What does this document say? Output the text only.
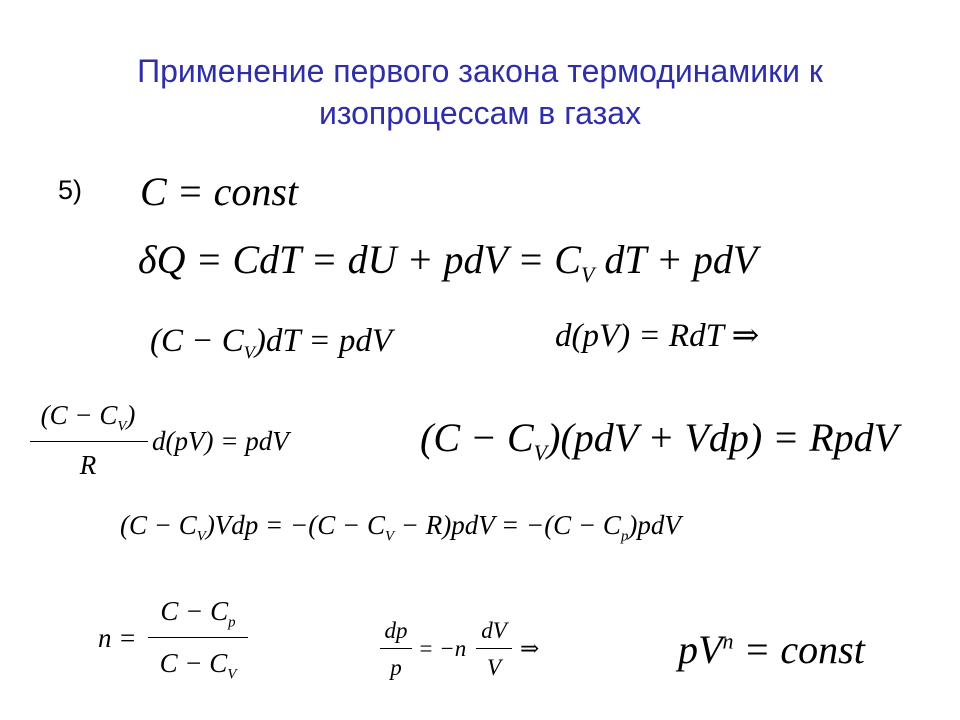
Применение первого закона термодинамики к
изопроцессам в газах
5) C = const
δQ = CdT = dU + pdV = $C_V$ dT + pdV
$(C - C_V)dT$ = pdV	d(pV) = RdT ⇒
$(C - C_V)$
R
d(pV) = pdV	$(C - C_V)(pdV + Vdp)$ = RpdV
$(C - C_V)Vdp = -(C - C_V - R)pdV = -(C - C_p)pdV$
n =
$C - C_p$
$C - C_V$
dp
p
= −n
dV
V
⇒	$pV^n$ = const
